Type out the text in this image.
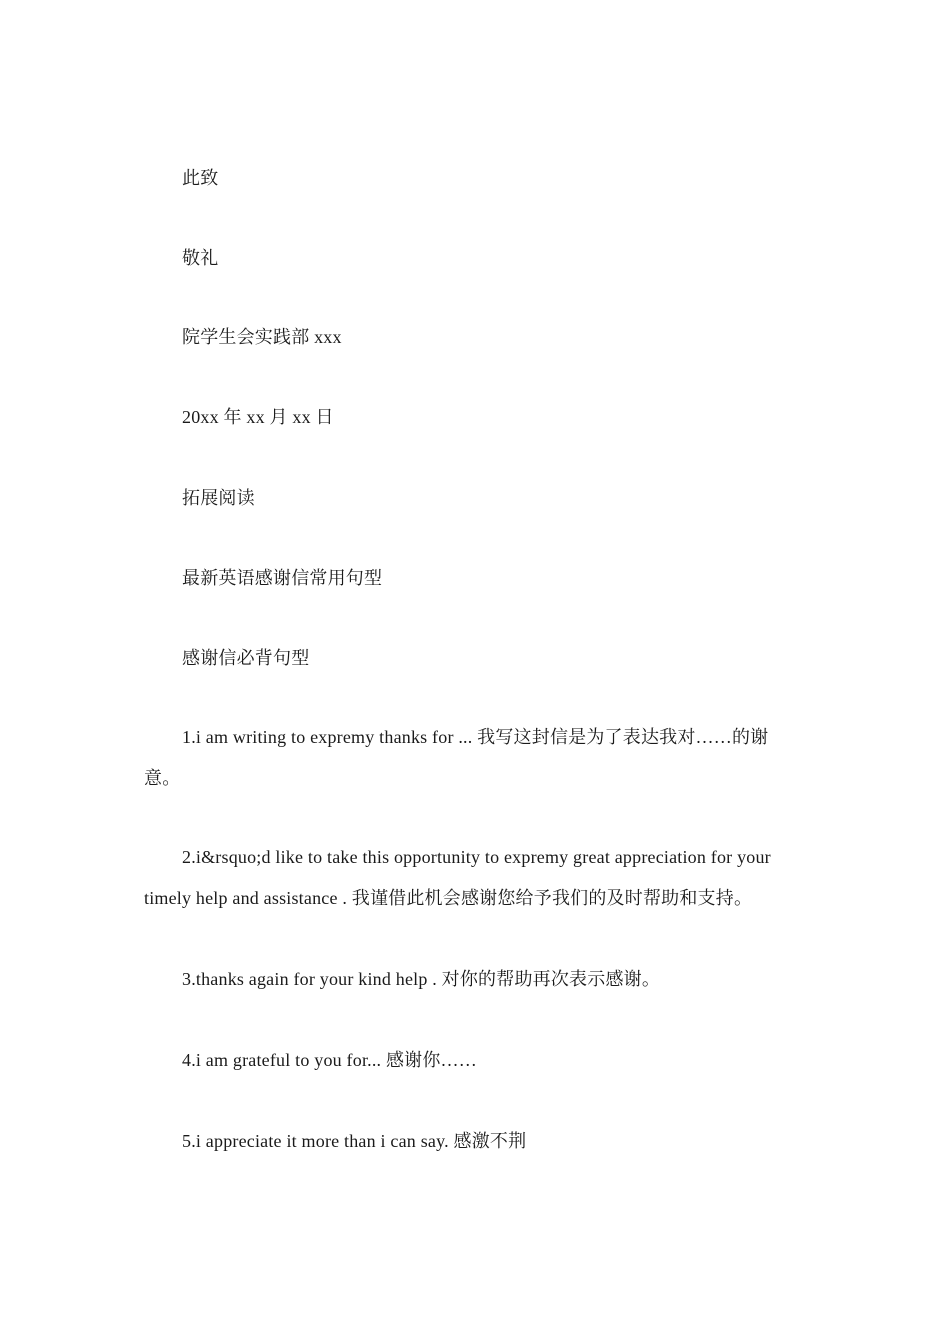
此致

敬礼

院学生会实践部 xxx

20xx 年 xx 月 xx 日

拓展阅读

最新英语感谢信常用句型

感谢信必背句型

1.i am writing to expremy thanks for ... 我写这封信是为了表达我对……的谢意。

2.i&rsquo;d like to take this opportunity to expremy great appreciation for your timely help and assistance . 我谨借此机会感谢您给予我们的及时帮助和支持。

3.thanks again for your kind help . 对你的帮助再次表示感谢。

4.i am grateful to you for... 感谢你……

5.i appreciate it more than i can say. 感激不荆
